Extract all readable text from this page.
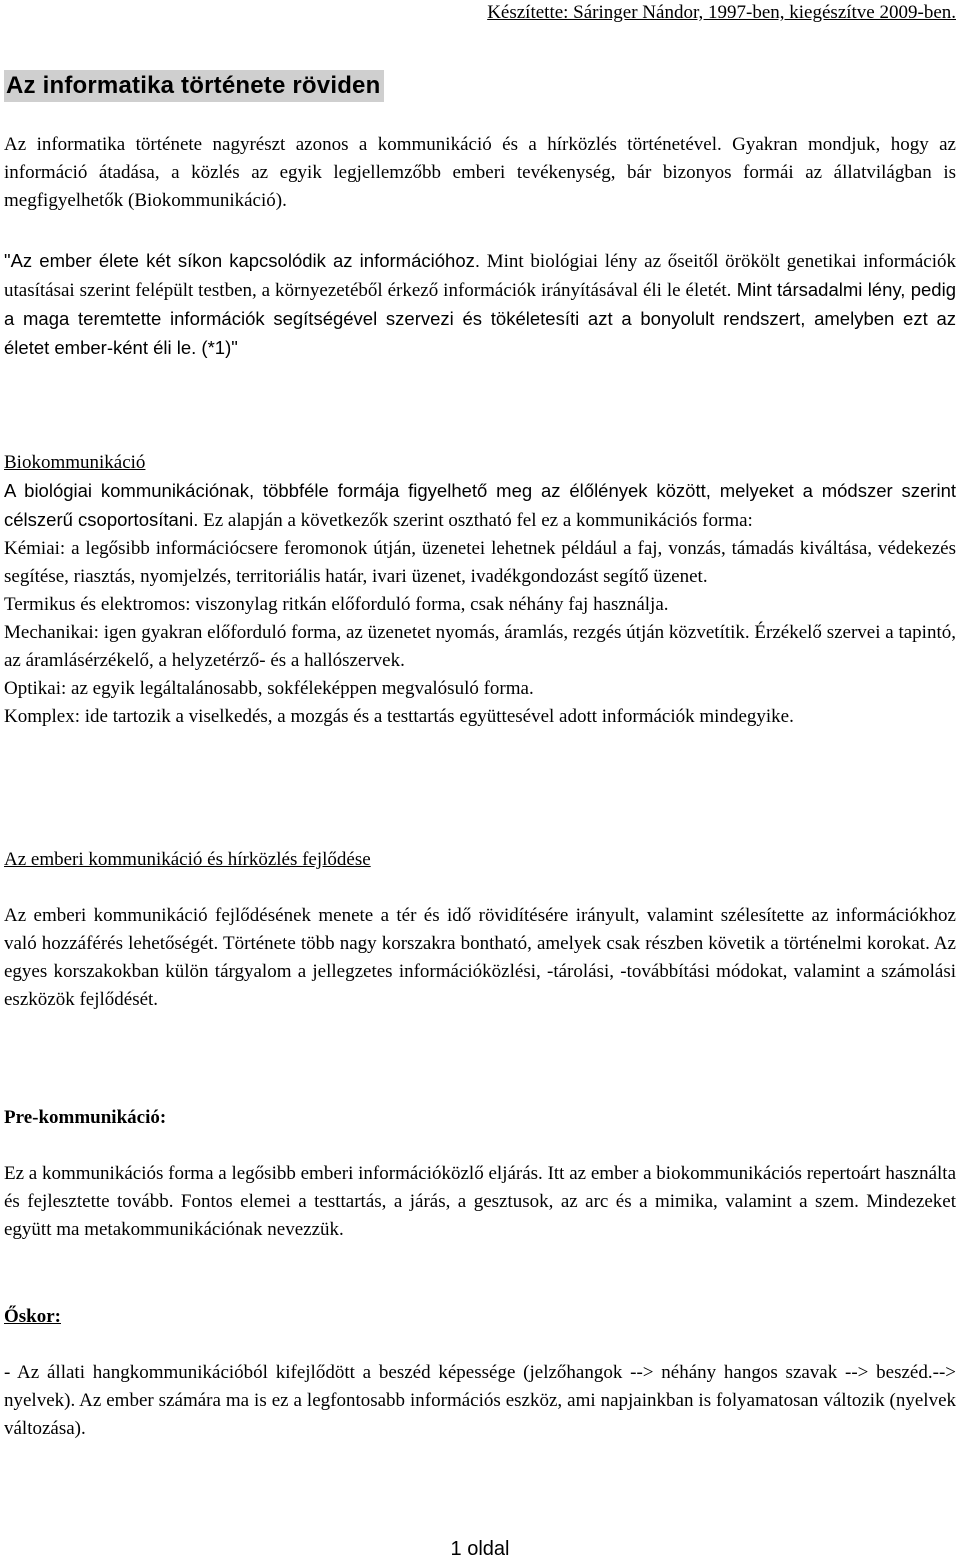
Készítette: Sáringer Nándor, 1997-ben, kiegészítve 2009-ben.
Az informatika története röviden

Az informatika története nagyrészt azonos a kommunikáció és a hírközlés történetével. Gyakran mondjuk, hogy az információ átadása, a közlés az egyik legjellemzőbb emberi tevékenység, bár bizonyos formái az állatvilágban is megfigyelhetők (Biokommunikáció).

"Az ember élete két síkon kapcsolódik az információhoz. Mint biológiai lény az őseitől örökölt genetikai információk utasításai szerint felépült testben, a környezetéből érkező információk irányításával éli le életét. Mint társadalmi lény, pedig a maga teremtette információk segítségével szervezi és tökéletesíti azt a bonyolult rendszert, amelyben ezt az életet ember-ként éli le. (*1)"

Biokommunikáció

A biológiai kommunikációnak, többféle formája figyelhető meg az élőlények között, melyeket a módszer szerint célszerű csoportosítani. Ez alapján a következők szerint osztható fel ez a kommunikációs forma:

Kémiai: a legősibb információcsere feromonok útján, üzenetei lehetnek például a faj, vonzás, támadás kiváltása, védekezés segítése, riasztás, nyomjelzés, territoriális határ, ivari üzenet, ivadékgondozást segítő üzenet.

Termikus és elektromos: viszonylag ritkán előforduló forma, csak néhány faj használja.

Mechanikai: igen gyakran előforduló forma, az üzenetet nyomás, áramlás, rezgés útján közvetítik. Érzékelő szervei a tapintó, az áramlásérzékelő, a helyzetérző- és a hallószervek.

Optikai: az egyik legáltalánosabb, sokféleképpen megvalósuló forma.

Komplex: ide tartozik a viselkedés, a mozgás és a testtartás együttesével adott információk mindegyike.

Az emberi kommunikáció és hírközlés fejlődése

Az emberi kommunikáció fejlődésének menete a tér és idő rövidítésére irányult, valamint szélesítette az információkhoz való hozzáférés lehetőségét. Története több nagy korszakra bontható, amelyek csak részben követik a történelmi korokat. Az egyes korszakokban külön tárgyalom a jellegzetes információközlési, -tárolási, -továbbítási módokat, valamint a számolási eszközök fejlődését.

Pre-kommunikáció:

Ez a kommunikációs forma a legősibb emberi információközlő eljárás. Itt az ember a biokommunikációs repertoárt használta és fejlesztette tovább. Fontos elemei a testtartás, a járás, a gesztusok, az arc és a mimika, valamint a szem. Mindezeket együtt ma metakommunikációnak nevezzük.

Őskor:

- Az állati hangkommunikációból kifejlődött a beszéd képessége (jelzőhangok --> néhány hangos szavak --> beszéd.--> nyelvek). Az ember számára ma is ez a legfontosabb információs eszköz, ami napjainkban is folyamatosan változik (nyelvek változása).

1 oldal
